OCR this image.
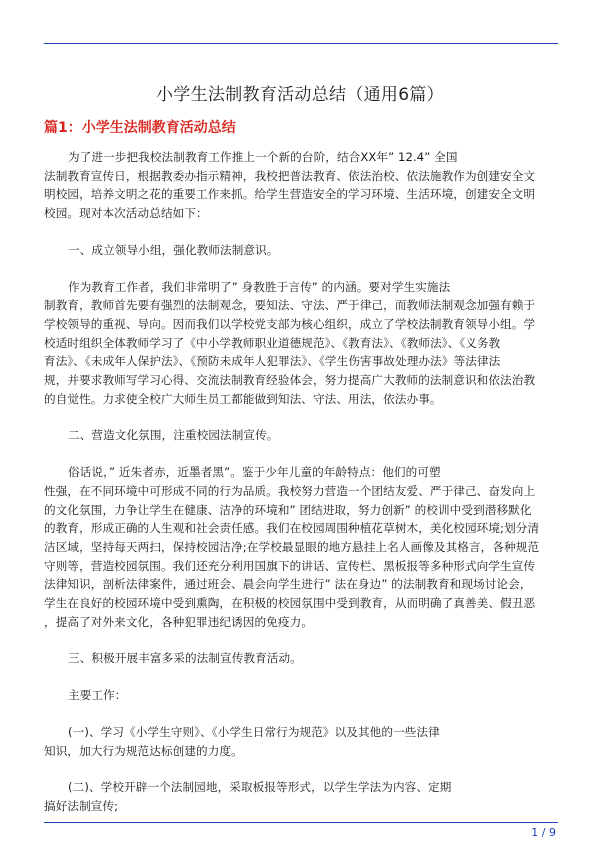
小学生法制教育活动总结（通用6篇）
篇1：小学生法制教育活动总结

为了进一步把我校法制教育工作推上一个新的台阶，结合XX年” 12.4” 全国
法制教育宣传日，根据教委办指示精神，我校把普法教育、依法治校、依法施教作为创建安全文
明校园，培养文明之花的重要工作来抓。给学生营造安全的学习环境、生活环境，创建安全文明
校园。现对本次活动总结如下：

一、成立领导小组，强化教师法制意识。

作为教育工作者，我们非常明了” 身教胜于言传” 的内涵。要对学生实施法
制教育，教师首先要有强烈的法制观念，要知法、守法、严于律己，而教师法制观念加强有赖于
学校领导的重视、导向。因而我们以学校党支部为核心组织，成立了学校法制教育领导小组。学
校适时组织全体教师学习了《中小学教师职业道德规范》、《教育法》、《教师法》、《义务教
育法》、《未成年人保护法》、《预防未成年人犯罪法》、《学生伤害事故处理办法》等法律法
规，并要求教师写学习心得、交流法制教育经验体会，努力提高广大教师的法制意识和依法治教
的自觉性。力求使全校广大师生员工都能做到知法、守法、用法，依法办事。

二、营造文化氛围，注重校园法制宣传。

俗话说，” 近朱者赤，近墨者黑”。鉴于少年儿童的年龄特点：他们的可塑
性强，在不同环境中可形成不同的行为品质。我校努力营造一个团结友爱、严于律己、奋发向上
的文化氛围，力争让学生在健康、洁净的环境和” 团结进取，努力创新” 的校训中受到潜移默化
的教育，形成正确的人生观和社会责任感。我们在校园周围种植花草树木，美化校园环境;划分清
洁区域，坚持每天两扫，保持校园洁净;在学校最显眼的地方悬挂上名人画像及其格言，各种规范
守则等，营造校园氛围。我们还充分利用国旗下的讲话、宣传栏、黑板报等多种形式向学生宣传
法律知识，剖析法律案件，通过班会、晨会向学生进行” 法在身边” 的法制教育和现场讨论会，
学生在良好的校园环境中受到熏陶，在积极的校园氛围中受到教育，从而明确了真善美、假丑恶
，提高了对外来文化，各种犯罪违纪诱因的免疫力。

三、积极开展丰富多采的法制宣传教育活动。

主要工作：

(一)、学习《小学生守则》、《小学生日常行为规范》以及其他的一些法律
知识，加大行为规范达标创建的力度。

(二)、学校开辟一个法制园地，采取板报等形式，以学生学法为内容、定期
搞好法制宣传;

1 / 9
